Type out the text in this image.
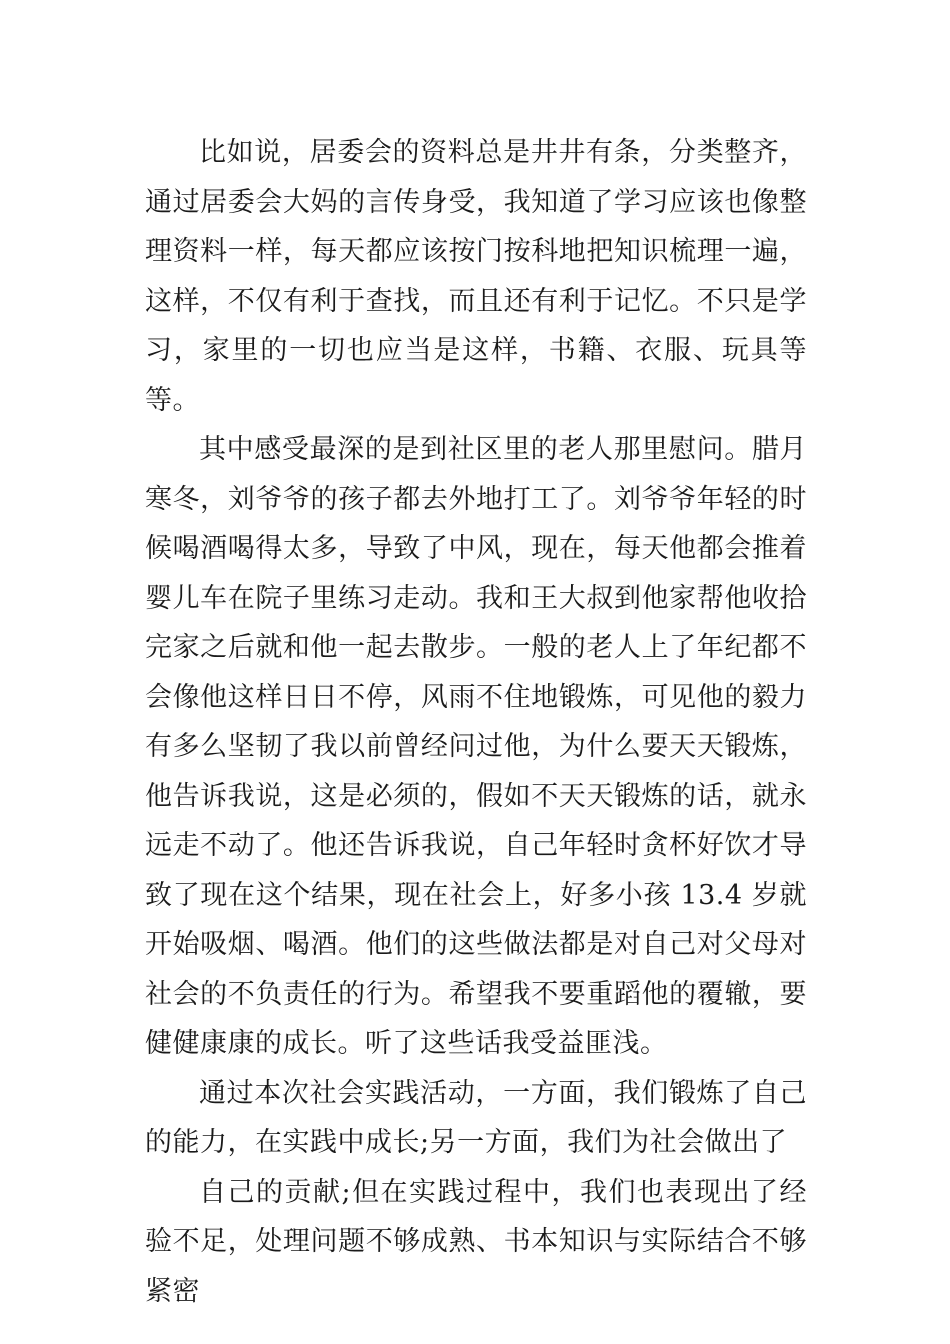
比如说，居委会的资料总是井井有条，分类整齐，通过居委会大妈的言传身受，我知道了学习应该也像整理资料一样，每天都应该按门按科地把知识梳理一遍，这样，不仅有利于查找，而且还有利于记忆。不只是学习，家里的一切也应当是这样，书籍、衣服、玩具等等。

其中感受最深的是到社区里的老人那里慰问。腊月寒冬，刘爷爷的孩子都去外地打工了。刘爷爷年轻的时候喝酒喝得太多，导致了中风，现在，每天他都会推着婴儿车在院子里练习走动。我和王大叔到他家帮他收拾完家之后就和他一起去散步。一般的老人上了年纪都不会像他这样日日不停，风雨不住地锻炼，可见他的毅力有多么坚韧了我以前曾经问过他，为什么要天天锻炼，他告诉我说，这是必须的，假如不天天锻炼的话，就永远走不动了。他还告诉我说，自己年轻时贪杯好饮才导致了现在这个结果，现在社会上，好多小孩 13.4 岁就开始吸烟、喝酒。他们的这些做法都是对自己对父母对社会的不负责任的行为。希望我不要重蹈他的覆辙，要健健康康的成长。听了这些话我受益匪浅。

通过本次社会实践活动，一方面，我们锻炼了自己的能力，在实践中成长;另一方面，我们为社会做出了

自己的贡献;但在实践过程中，我们也表现出了经验不足，处理问题不够成熟、书本知识与实际结合不够紧密
